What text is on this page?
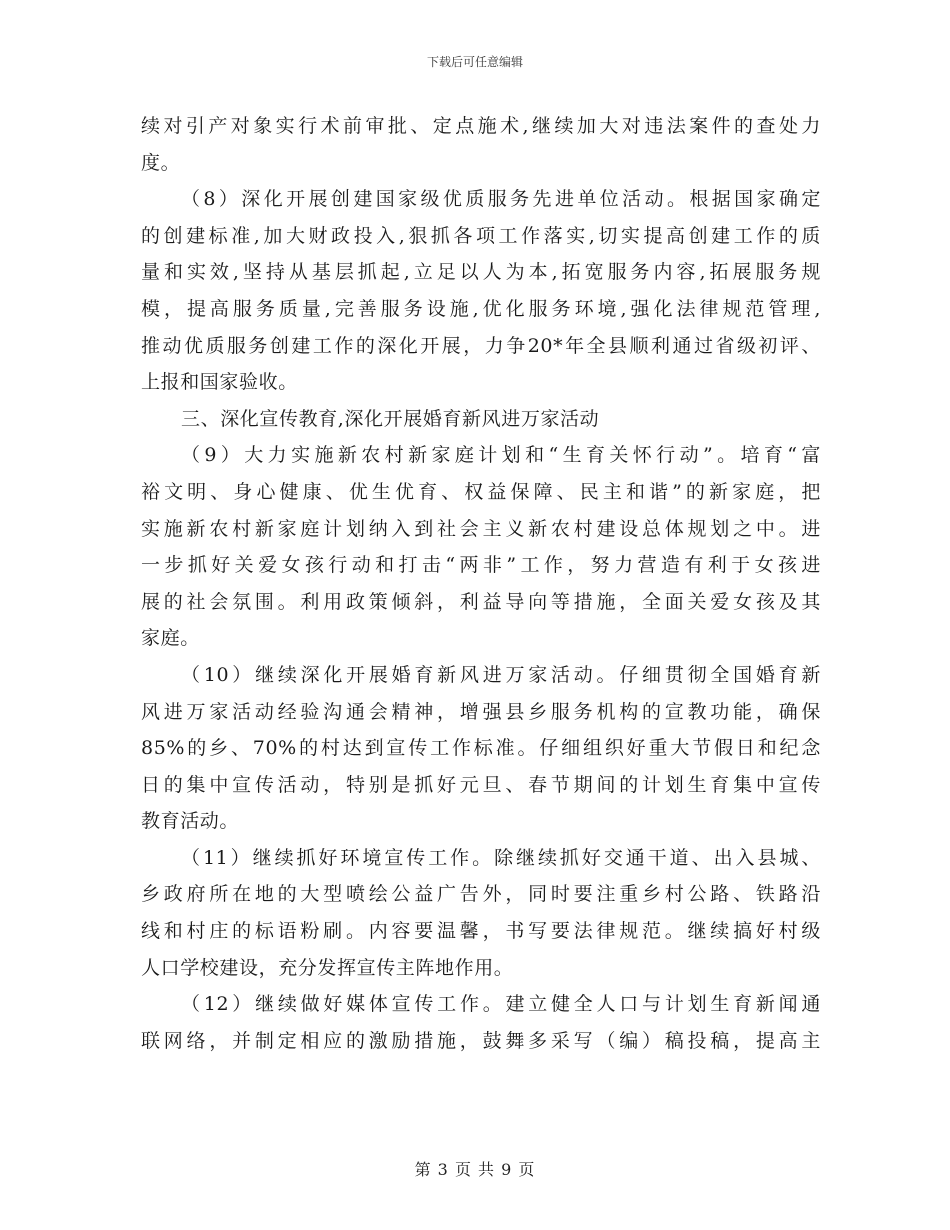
下载后可任意编辑
续对引产对象实行术前审批、定点施术,继续加大对违法案件的查处力
度。
（8）深化开展创建国家级优质服务先进单位活动。根据国家确定
的创建标准,加大财政投入,狠抓各项工作落实,切实提高创建工作的质
量和实效,坚持从基层抓起,立足以人为本,拓宽服务内容,拓展服务规
模，提高服务质量,完善服务设施,优化服务环境,强化法律规范管理,
推动优质服务创建工作的深化开展，力争20*年全县顺利通过省级初评、
上报和国家验收。
三、深化宣传教育,深化开展婚育新风进万家活动
（9）大力实施新农村新家庭计划和“生育关怀行动”。培育“富
裕文明、身心健康、优生优育、权益保障、民主和谐”的新家庭，把
实施新农村新家庭计划纳入到社会主义新农村建设总体规划之中。进
一步抓好关爱女孩行动和打击“两非”工作，努力营造有利于女孩进
展的社会氛围。利用政策倾斜，利益导向等措施，全面关爱女孩及其
家庭。
（10）继续深化开展婚育新风进万家活动。仔细贯彻全国婚育新
风进万家活动经验沟通会精神，增强县乡服务机构的宣教功能，确保
85%的乡、70%的村达到宣传工作标准。仔细组织好重大节假日和纪念
日的集中宣传活动，特别是抓好元旦、春节期间的计划生育集中宣传
教育活动。
（11）继续抓好环境宣传工作。除继续抓好交通干道、出入县城、
乡政府所在地的大型喷绘公益广告外，同时要注重乡村公路、铁路沿
线和村庄的标语粉刷。内容要温馨，书写要法律规范。继续搞好村级
人口学校建设，充分发挥宣传主阵地作用。
（12）继续做好媒体宣传工作。建立健全人口与计划生育新闻通
联网络，并制定相应的激励措施，鼓舞多采写（编）稿投稿，提高主
第 3 页 共 9 页
